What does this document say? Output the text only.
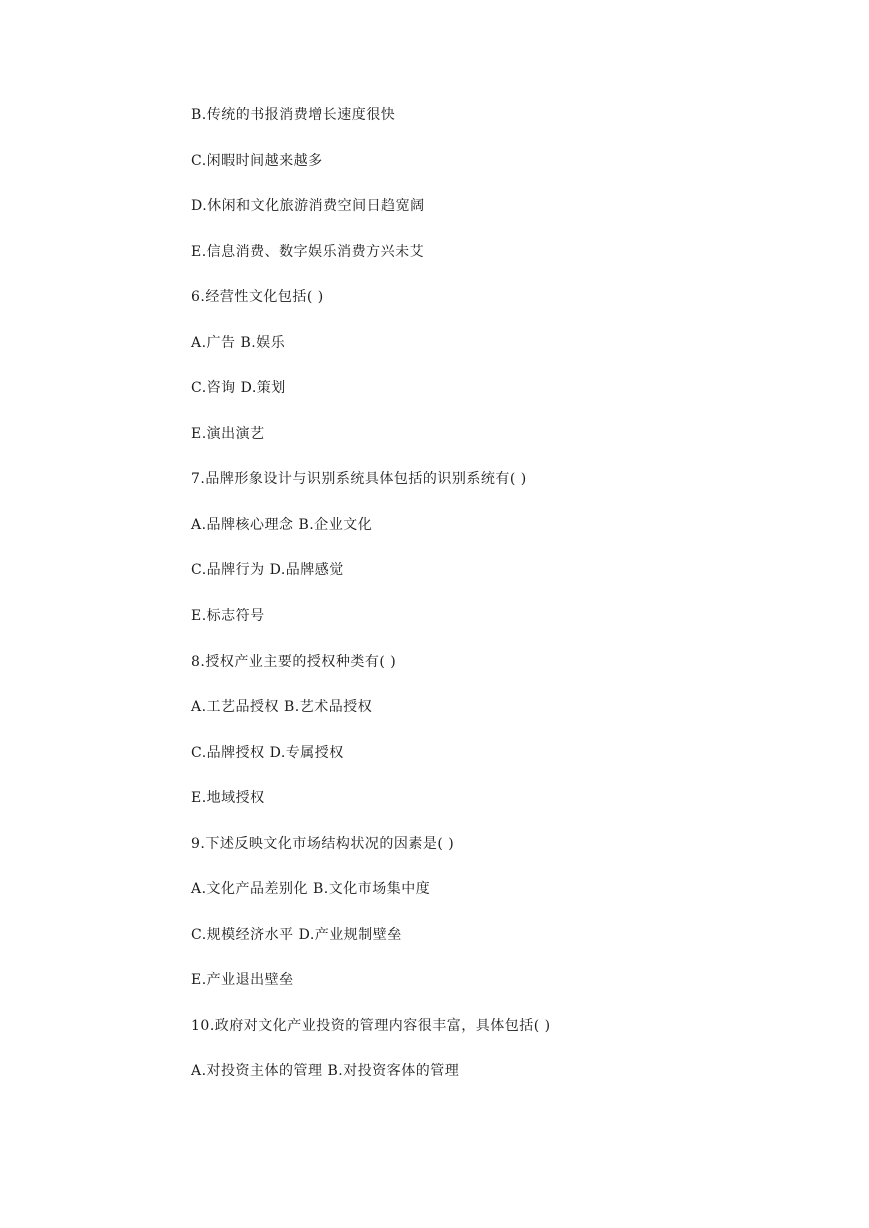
B.传统的书报消费增长速度很快
C.闲暇时间越来越多
D.休闲和文化旅游消费空间日趋宽阔
E.信息消费、数字娱乐消费方兴未艾
6.经营性文化包括( )
A.广告 B.娱乐
C.咨询 D.策划
E.演出演艺
7.品牌形象设计与识别系统具体包括的识别系统有( )
A.品牌核心理念 B.企业文化
C.品牌行为 D.品牌感觉
E.标志符号
8.授权产业主要的授权种类有( )
A.工艺品授权 B.艺术品授权
C.品牌授权 D.专属授权
E.地域授权
9.下述反映文化市场结构状况的因素是( )
A.文化产品差别化 B.文化市场集中度
C.规模经济水平 D.产业规制壁垒
E.产业退出壁垒
10.政府对文化产业投资的管理内容很丰富，具体包括( )
A.对投资主体的管理 B.对投资客体的管理
